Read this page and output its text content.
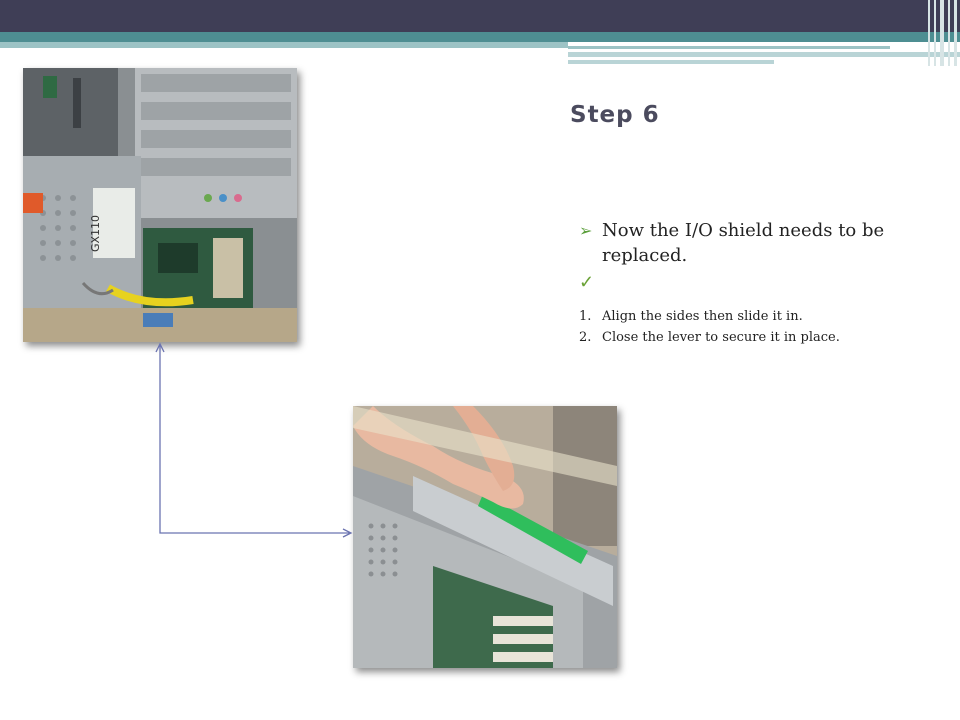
Step 6
➢ Now the I/O shield needs to be replaced.
✓
1. Align the sides then slide it in.
2. Close the lever to secure it in place.
GX110
